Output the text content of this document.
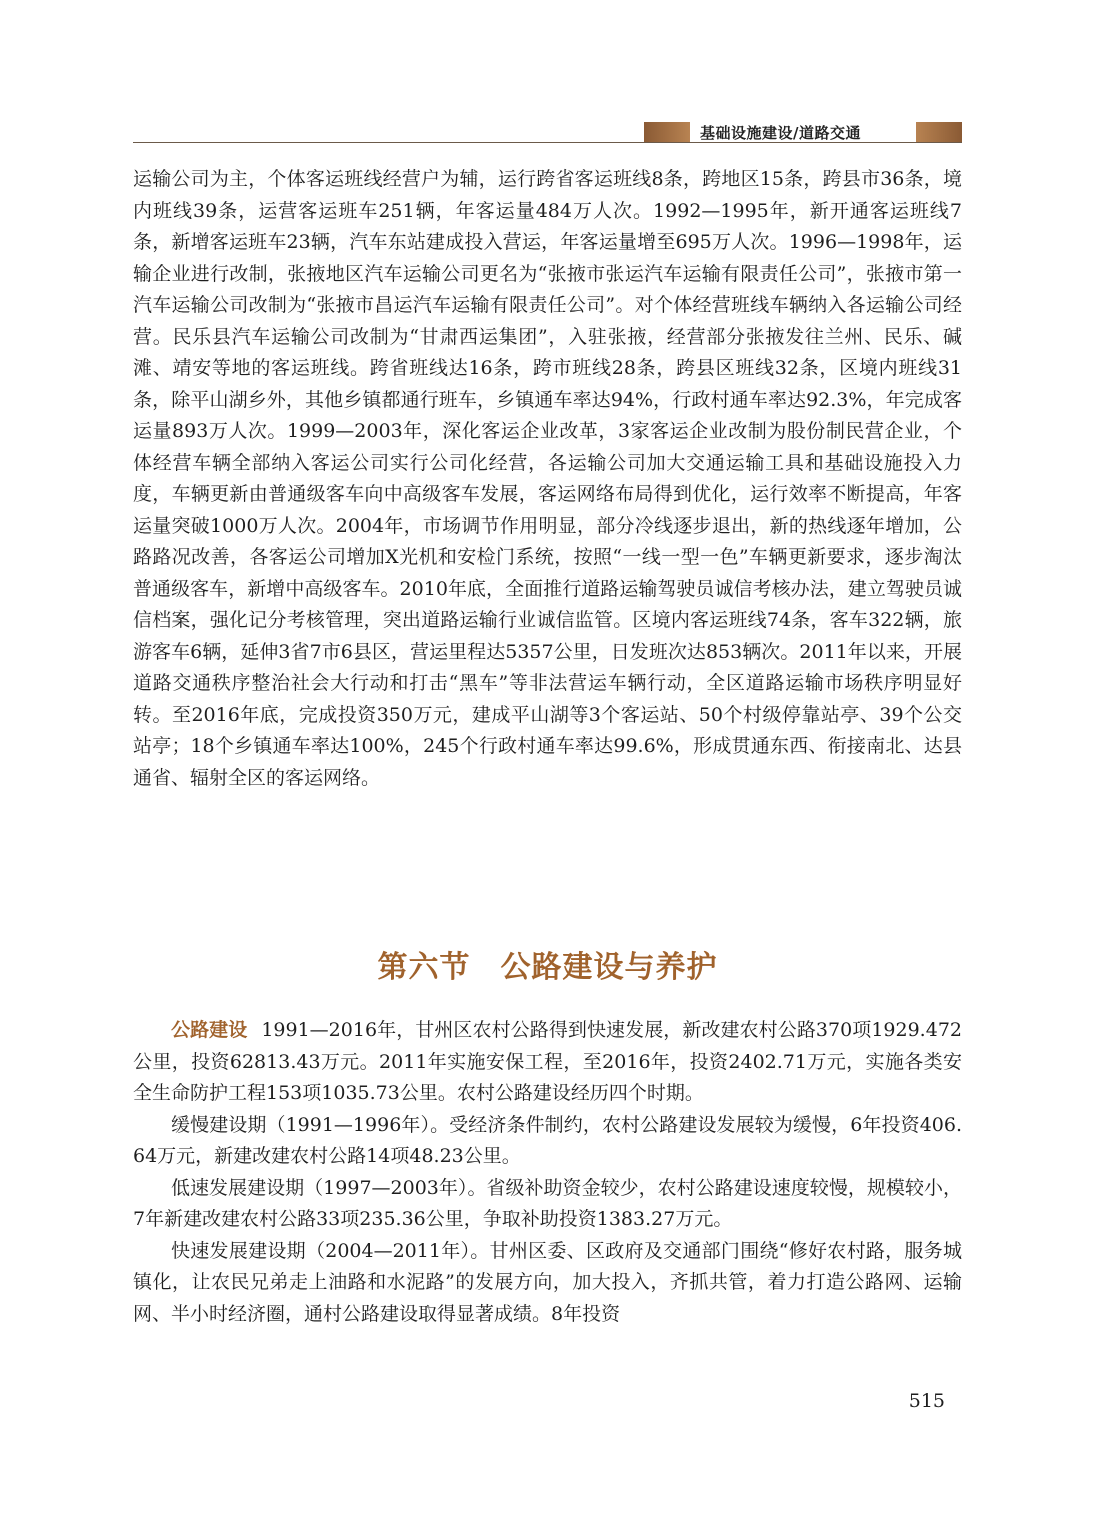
基础设施建设/道路交通

运输公司为主，个体客运班线经营户为辅，运行跨省客运班线8条，跨地区15条，跨县市36条，境内班线39条，运营客运班车251辆，年客运量484万人次。1992—1995年，新开通客运班线7条，新增客运班车23辆，汽车东站建成投入营运，年客运量增至695万人次。1996—1998年，运输企业进行改制，张掖地区汽车运输公司更名为“张掖市张运汽车运输有限责任公司”，张掖市第一汽车运输公司改制为“张掖市昌运汽车运输有限责任公司”。对个体经营班线车辆纳入各运输公司经营。民乐县汽车运输公司改制为“甘肃西运集团”，入驻张掖，经营部分张掖发往兰州、民乐、碱滩、靖安等地的客运班线。跨省班线达16条，跨市班线28条，跨县区班线32条，区境内班线31条，除平山湖乡外，其他乡镇都通行班车，乡镇通车率达94%，行政村通车率达92.3%，年完成客运量893万人次。1999—2003年，深化客运企业改革，3家客运企业改制为股份制民营企业，个体经营车辆全部纳入客运公司实行公司化经营，各运输公司加大交通运输工具和基础设施投入力度，车辆更新由普通级客车向中高级客车发展，客运网络布局得到优化，运行效率不断提高，年客运量突破1000万人次。2004年，市场调节作用明显，部分冷线逐步退出，新的热线逐年增加，公路路况改善，各客运公司增加X光机和安检门系统，按照“一线一型一色”车辆更新要求，逐步淘汰普通级客车，新增中高级客车。2010年底，全面推行道路运输驾驶员诚信考核办法，建立驾驶员诚信档案，强化记分考核管理，突出道路运输行业诚信监管。区境内客运班线74条，客车322辆，旅游客车6辆，延伸3省7市6县区，营运里程达5357公里，日发班次达853辆次。2011年以来，开展道路交通秩序整治社会大行动和打击“黑车”等非法营运车辆行动，全区道路运输市场秩序明显好转。至2016年底，完成投资350万元，建成平山湖等3个客运站、50个村级停靠站亭、39个公交站亭；18个乡镇通车率达100%，245个行政村通车率达99.6%，形成贯通东西、衔接南北、达县通省、辐射全区的客运网络。

第六节 公路建设与养护

公路建设 1991—2016年，甘州区农村公路得到快速发展，新改建农村公路370项1929.472公里，投资62813.43万元。2011年实施安保工程，至2016年，投资2402.71万元，实施各类安全生命防护工程153项1035.73公里。农村公路建设经历四个时期。

缓慢建设期（1991—1996年）。受经济条件制约，农村公路建设发展较为缓慢，6年投资406.64万元，新建改建农村公路14项48.23公里。

低速发展建设期（1997—2003年）。省级补助资金较少，农村公路建设速度较慢，规模较小，7年新建改建农村公路33项235.36公里，争取补助投资1383.27万元。

快速发展建设期（2004—2011年）。甘州区委、区政府及交通部门围绕“修好农村路，服务城镇化，让农民兄弟走上油路和水泥路”的发展方向，加大投入，齐抓共管，着力打造公路网、运输网、半小时经济圈，通村公路建设取得显著成绩。8年投资

515
